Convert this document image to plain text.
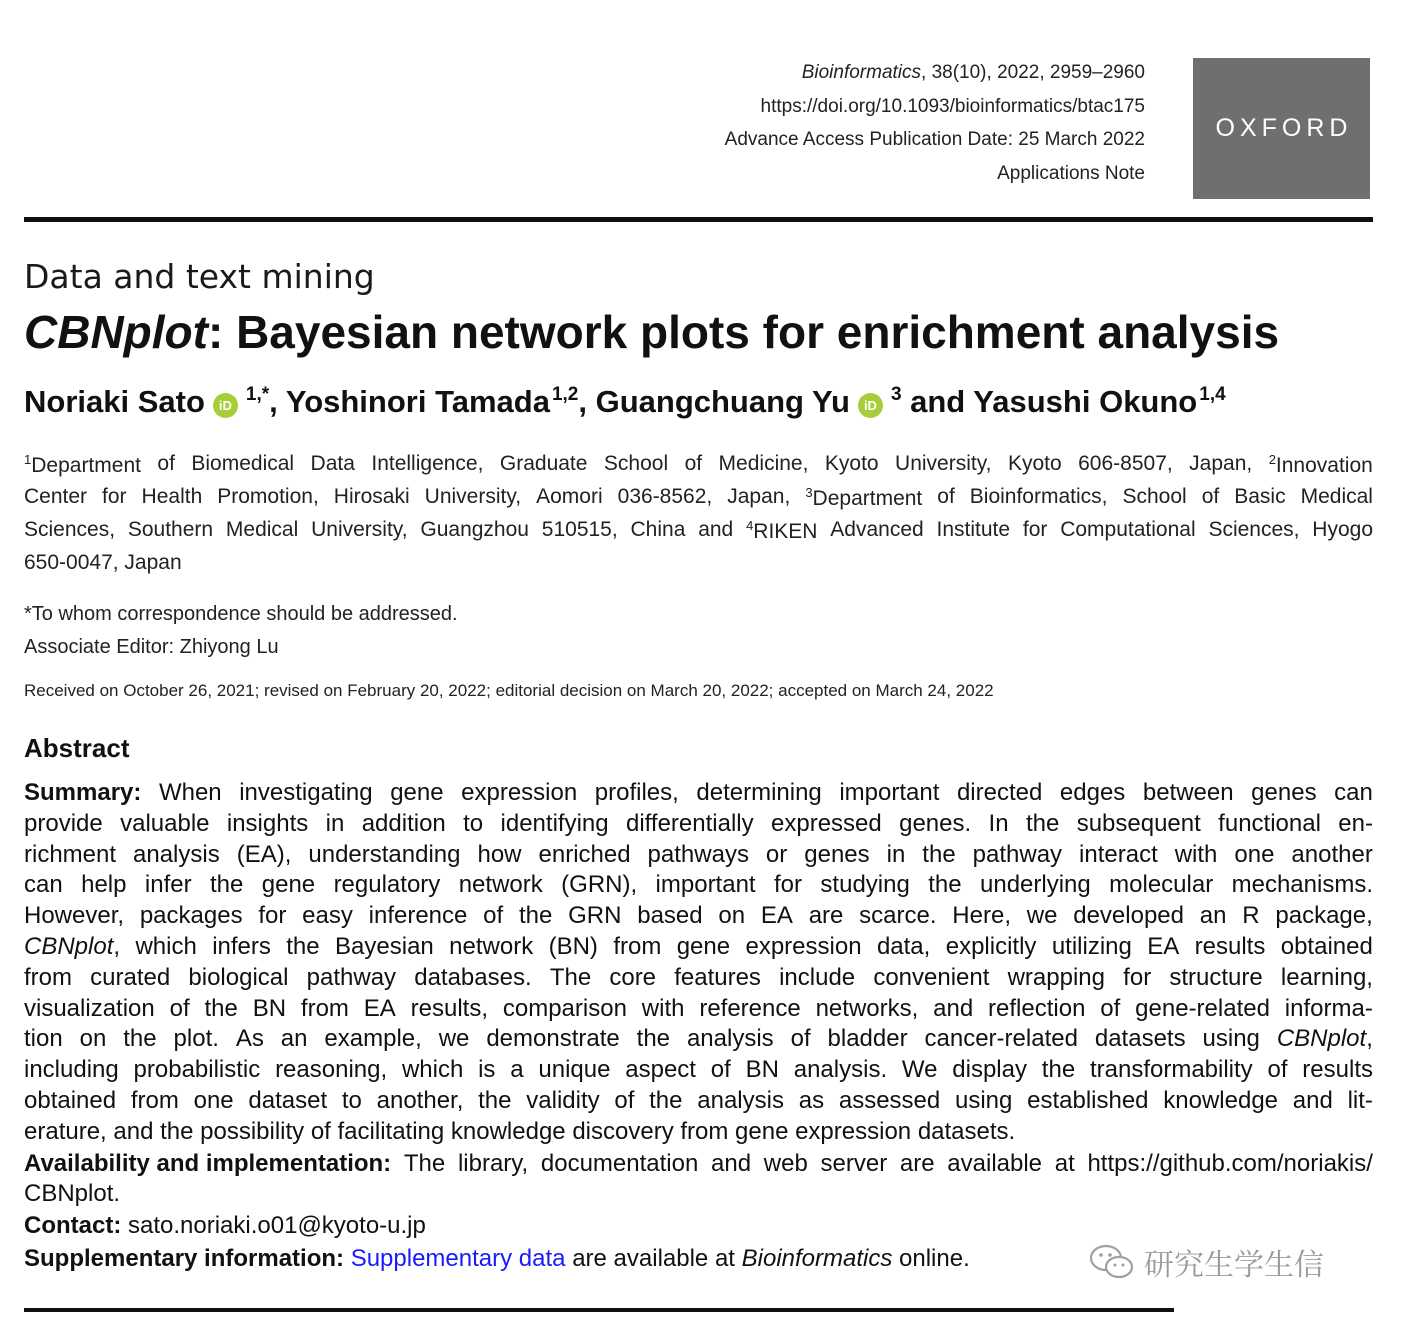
Bioinformatics, 38(10), 2022, 2959–2960
https://doi.org/10.1093/bioinformatics/btac175
Advance Access Publication Date: 25 March 2022
Applications Note
OXFORD
Data and text mining
CBNplot: Bayesian network plots for enrichment analysis
Noriaki Sato $iD^{1,*}$, Yoshinori Tamada $^{1,2}$, Guangchuang Yu $iD^3$ and Yasushi Okuno $^{1,4}$
$^1$Department of Biomedical Data Intelligence, Graduate School of Medicine, Kyoto University, Kyoto 606-8507, Japan, $^2$Innovation
Center for Health Promotion, Hirosaki University, Aomori 036-8562, Japan, $^3$Department of Bioinformatics, School of Basic Medical
Sciences, Southern Medical University, Guangzhou 510515, China and $^4$RIKEN Advanced Institute for Computational Sciences, Hyogo
650-0047, Japan
*To whom correspondence should be addressed.
Associate Editor: Zhiyong Lu
Received on October 26, 2021; revised on February 20, 2022; editorial decision on March 20, 2022; accepted on March 24, 2022
Abstract
Summary: When investigating gene expression profiles, determining important directed edges between genes can
provide valuable insights in addition to identifying differentially expressed genes. In the subsequent functional en-
richment analysis (EA), understanding how enriched pathways or genes in the pathway interact with one another
can help infer the gene regulatory network (GRN), important for studying the underlying molecular mechanisms.
However, packages for easy inference of the GRN based on EA are scarce. Here, we developed an R package,
CBNplot, which infers the Bayesian network (BN) from gene expression data, explicitly utilizing EA results obtained
from curated biological pathway databases. The core features include convenient wrapping for structure learning,
visualization of the BN from EA results, comparison with reference networks, and reflection of gene-related informa-
tion on the plot. As an example, we demonstrate the analysis of bladder cancer-related datasets using CBNplot,
including probabilistic reasoning, which is a unique aspect of BN analysis. We display the transformability of results
obtained from one dataset to another, the validity of the analysis as assessed using established knowledge and lit-
erature, and the possibility of facilitating knowledge discovery from gene expression datasets.
Availability and implementation: The library, documentation and web server are available at https://github.com/noriakis/
CBNplot.
Contact:
sato.noriaki.o01@kyoto-u.jp
Supplementary information:
Supplementary data
are available at
Bioinformatics
online.	研究生学生信
